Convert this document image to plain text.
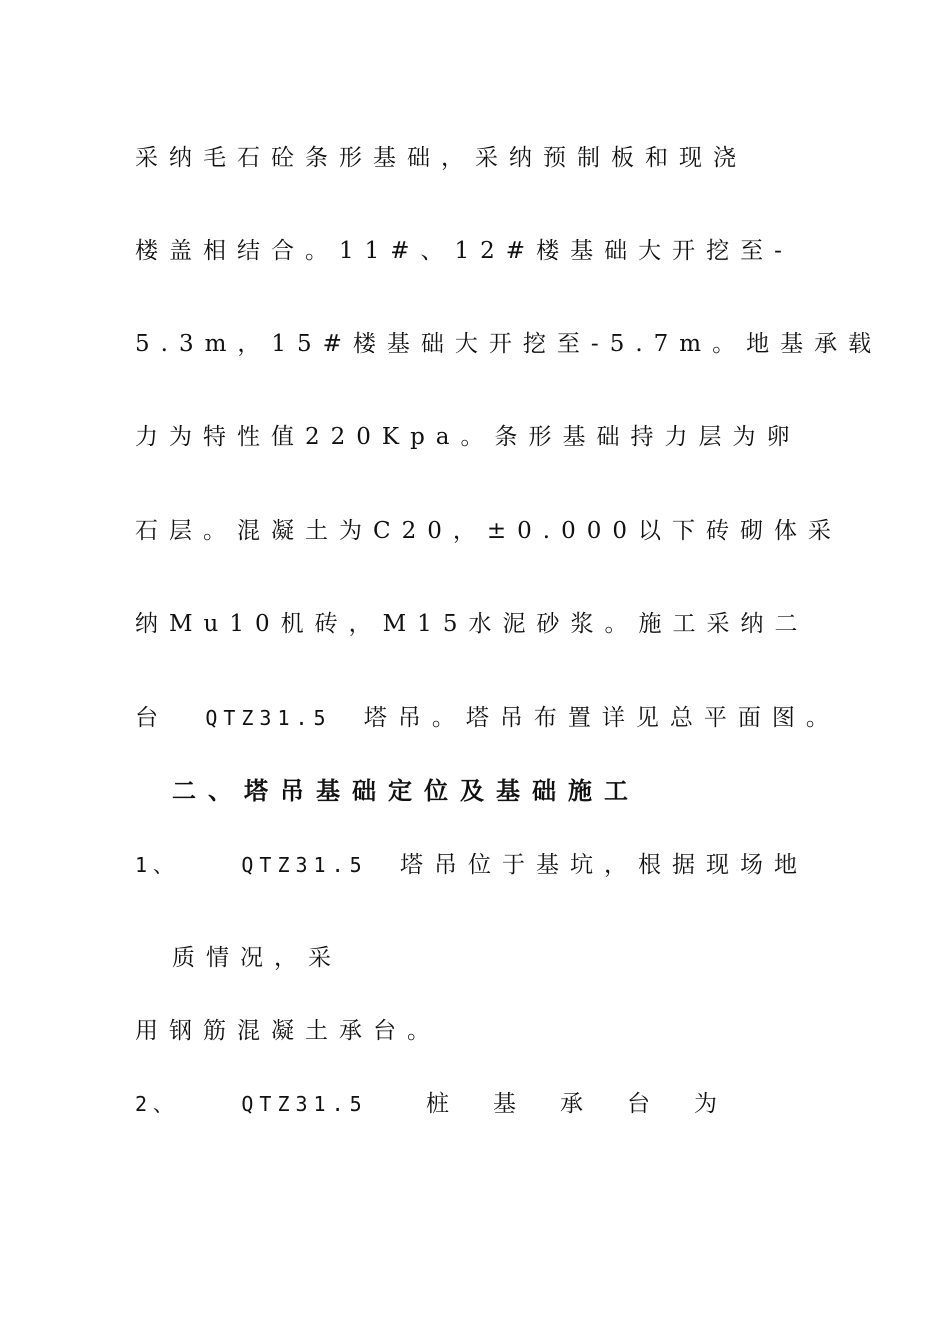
采纳毛石砼条形基础，采纳预制板和现浇
楼盖相结合。11#、12#楼基础大开挖至-
5.3m，15#楼基础大开挖至-5.7m。地基承载
力为特性值220Kpa。条形基础持力层为卵
石层。混凝土为C20，±0.000以下砖砌体采
纳Mu10机砖，M15水泥砂浆。施工采纳二
台 QTZ31.5 塔吊。塔吊布置详见总平面图。
二、塔吊基础定位及基础施工
1、	QTZ31.5 塔吊位于基坑，根据现场地
质情况，采
用钢筋混凝土承台。
2、	QTZ31.5	桩基承台为
